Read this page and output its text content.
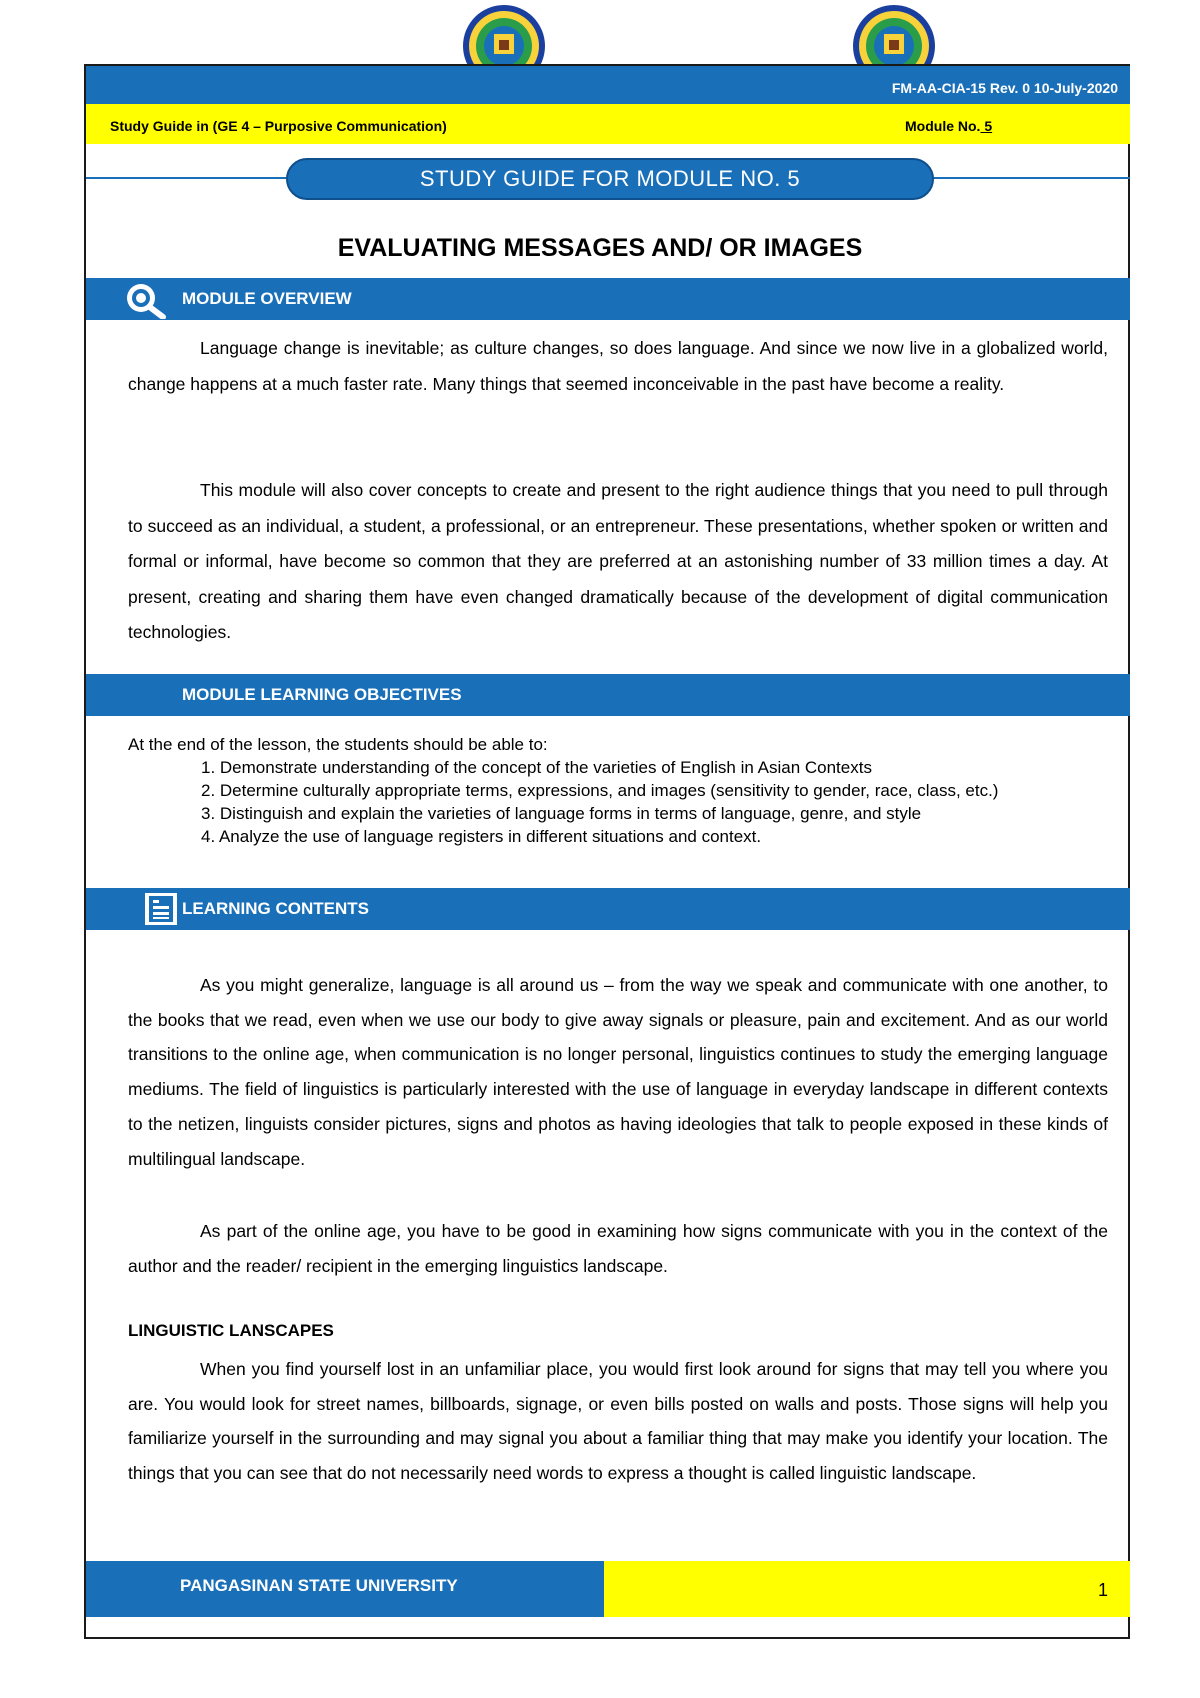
FM-AA-CIA-15 Rev. 0 10-July-2020
Study Guide in (GE 4 – Purposive Communication)	Module No. 5
STUDY GUIDE FOR MODULE NO. 5
EVALUATING MESSAGES AND/ OR IMAGES
MODULE OVERVIEW
Language change is inevitable; as culture changes, so does language. And since we now live in a globalized world, change happens at a much faster rate. Many things that seemed inconceivable in the past have become a reality.
This module will also cover concepts to create and present to the right audience things that you need to pull through to succeed as an individual, a student, a professional, or an entrepreneur. These presentations, whether spoken or written and formal or informal, have become so common that they are preferred at an astonishing number of 33 million times a day. At present, creating and sharing them have even changed dramatically because of the development of digital communication technologies.
MODULE LEARNING OBJECTIVES
At the end of the lesson, the students should be able to:
1. Demonstrate understanding of the concept of the varieties of English in Asian Contexts
2. Determine culturally appropriate terms, expressions, and images (sensitivity to gender, race, class, etc.)
3. Distinguish and explain the varieties of language forms in terms of language, genre, and style
4. Analyze the use of language registers in different situations and context.
LEARNING CONTENTS
As you might generalize, language is all around us – from the way we speak and communicate with one another, to the books that we read, even when we use our body to give away signals or pleasure, pain and excitement. And as our world transitions to the online age, when communication is no longer personal, linguistics continues to study the emerging language mediums. The field of linguistics is particularly interested with the use of language in everyday landscape in different contexts to the netizen, linguists consider pictures, signs and photos as having ideologies that talk to people exposed in these kinds of multilingual landscape.
As part of the online age, you have to be good in examining how signs communicate with you in the context of the author and the reader/ recipient in the emerging linguistics landscape.
LINGUISTIC LANSCAPES
When you find yourself lost in an unfamiliar place, you would first look around for signs that may tell you where you are. You would look for street names, billboards, signage, or even bills posted on walls and posts. Those signs will help you familiarize yourself in the surrounding and may signal you about a familiar thing that may make you identify your location. The things that you can see that do not necessarily need words to express a thought is called linguistic landscape.
PANGASINAN STATE UNIVERSITY	1
